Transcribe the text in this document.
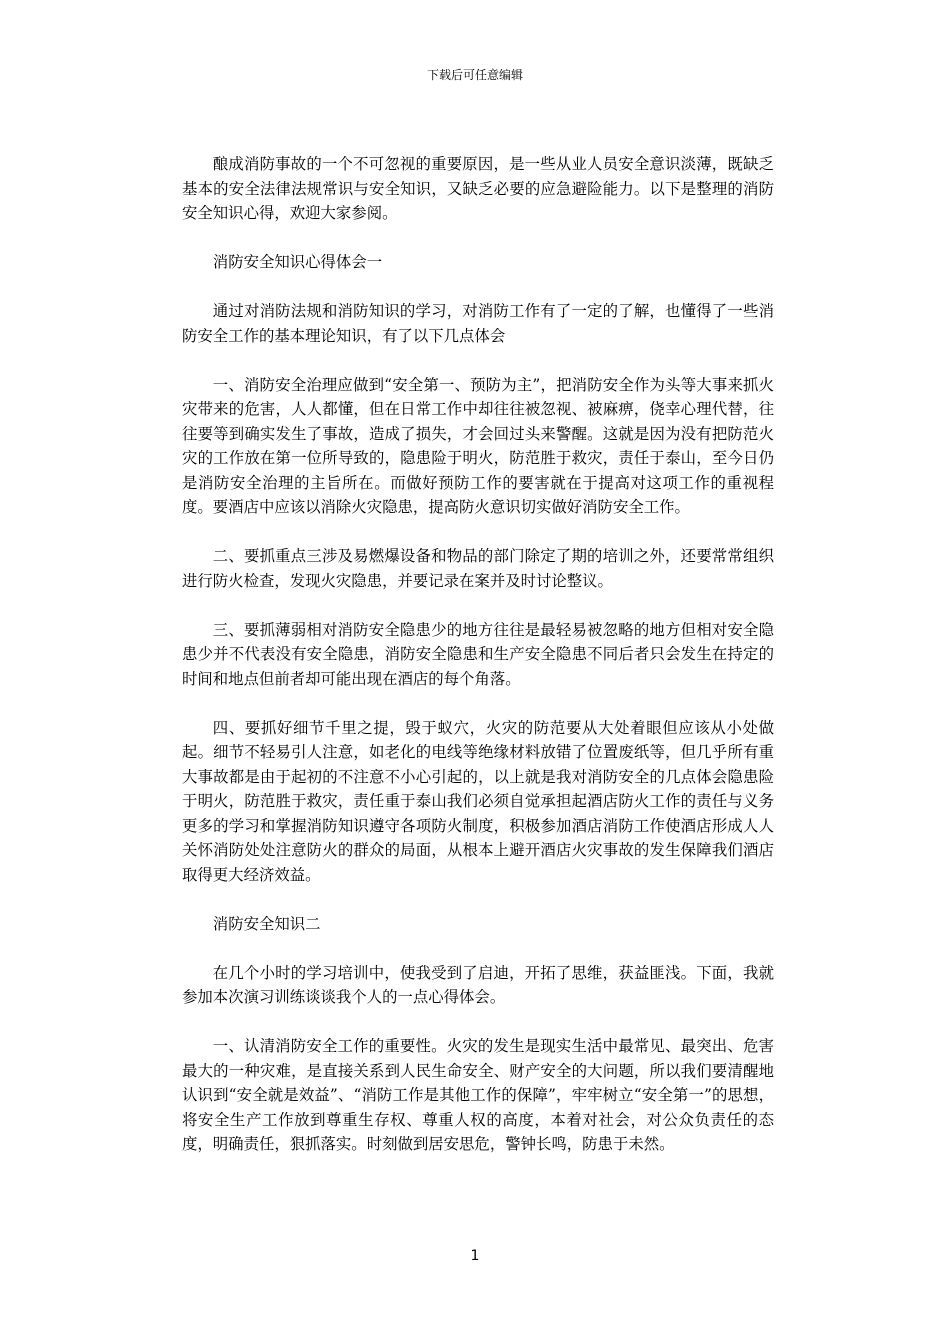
下载后可任意编辑

酿成消防事故的一个不可忽视的重要原因，是一些从业人员安全意识淡薄，既缺乏基本的安全法律法规常识与安全知识，又缺乏必要的应急避险能力。以下是整理的消防安全知识心得，欢迎大家参阅。

消防安全知识心得体会一

通过对消防法规和消防知识的学习，对消防工作有了一定的了解，也懂得了一些消防安全工作的基本理论知识，有了以下几点体会

一、消防安全治理应做到“安全第一、预防为主”，把消防安全作为头等大事来抓火灾带来的危害，人人都懂，但在日常工作中却往往被忽视、被麻痹，侥幸心理代替，往往要等到确实发生了事故，造成了损失，才会回过头来警醒。这就是因为没有把防范火灾的工作放在第一位所导致的，隐患险于明火，防范胜于救灾，责任于泰山，至今日仍是消防安全治理的主旨所在。而做好预防工作的要害就在于提高对这项工作的重视程度。要酒店中应该以消除火灾隐患，提高防火意识切实做好消防安全工作。

二、要抓重点三涉及易燃爆设备和物品的部门除定了期的培训之外，还要常常组织进行防火检查，发现火灾隐患，并要记录在案并及时讨论整议。

三、要抓薄弱相对消防安全隐患少的地方往往是最轻易被忽略的地方但相对安全隐患少并不代表没有安全隐患，消防安全隐患和生产安全隐患不同后者只会发生在持定的时间和地点但前者却可能出现在酒店的每个角落。

四、要抓好细节千里之提，毁于蚁穴，火灾的防范要从大处着眼但应该从小处做起。细节不轻易引人注意，如老化的电线等绝缘材料放错了位置废纸等，但几乎所有重大事故都是由于起初的不注意不小心引起的，以上就是我对消防安全的几点体会隐患险于明火，防范胜于救灾，责任重于泰山我们必须自觉承担起酒店防火工作的责任与义务更多的学习和掌握消防知识遵守各项防火制度，积极参加酒店消防工作使酒店形成人人关怀消防处处注意防火的群众的局面，从根本上避开酒店火灾事故的发生保障我们酒店取得更大经济效益。

消防安全知识二

在几个小时的学习培训中，使我受到了启迪，开拓了思维，获益匪浅。下面，我就参加本次演习训练谈谈我个人的一点心得体会。

一、认清消防安全工作的重要性。火灾的发生是现实生活中最常见、最突出、危害最大的一种灾难，是直接关系到人民生命安全、财产安全的大问题，所以我们要清醒地认识到“安全就是效益”、“消防工作是其他工作的保障”，牢牢树立“安全第一”的思想，将安全生产工作放到尊重生存权、尊重人权的高度，本着对社会，对公众负责任的态度，明确责任，狠抓落实。时刻做到居安思危，警钟长鸣，防患于未然。

1
